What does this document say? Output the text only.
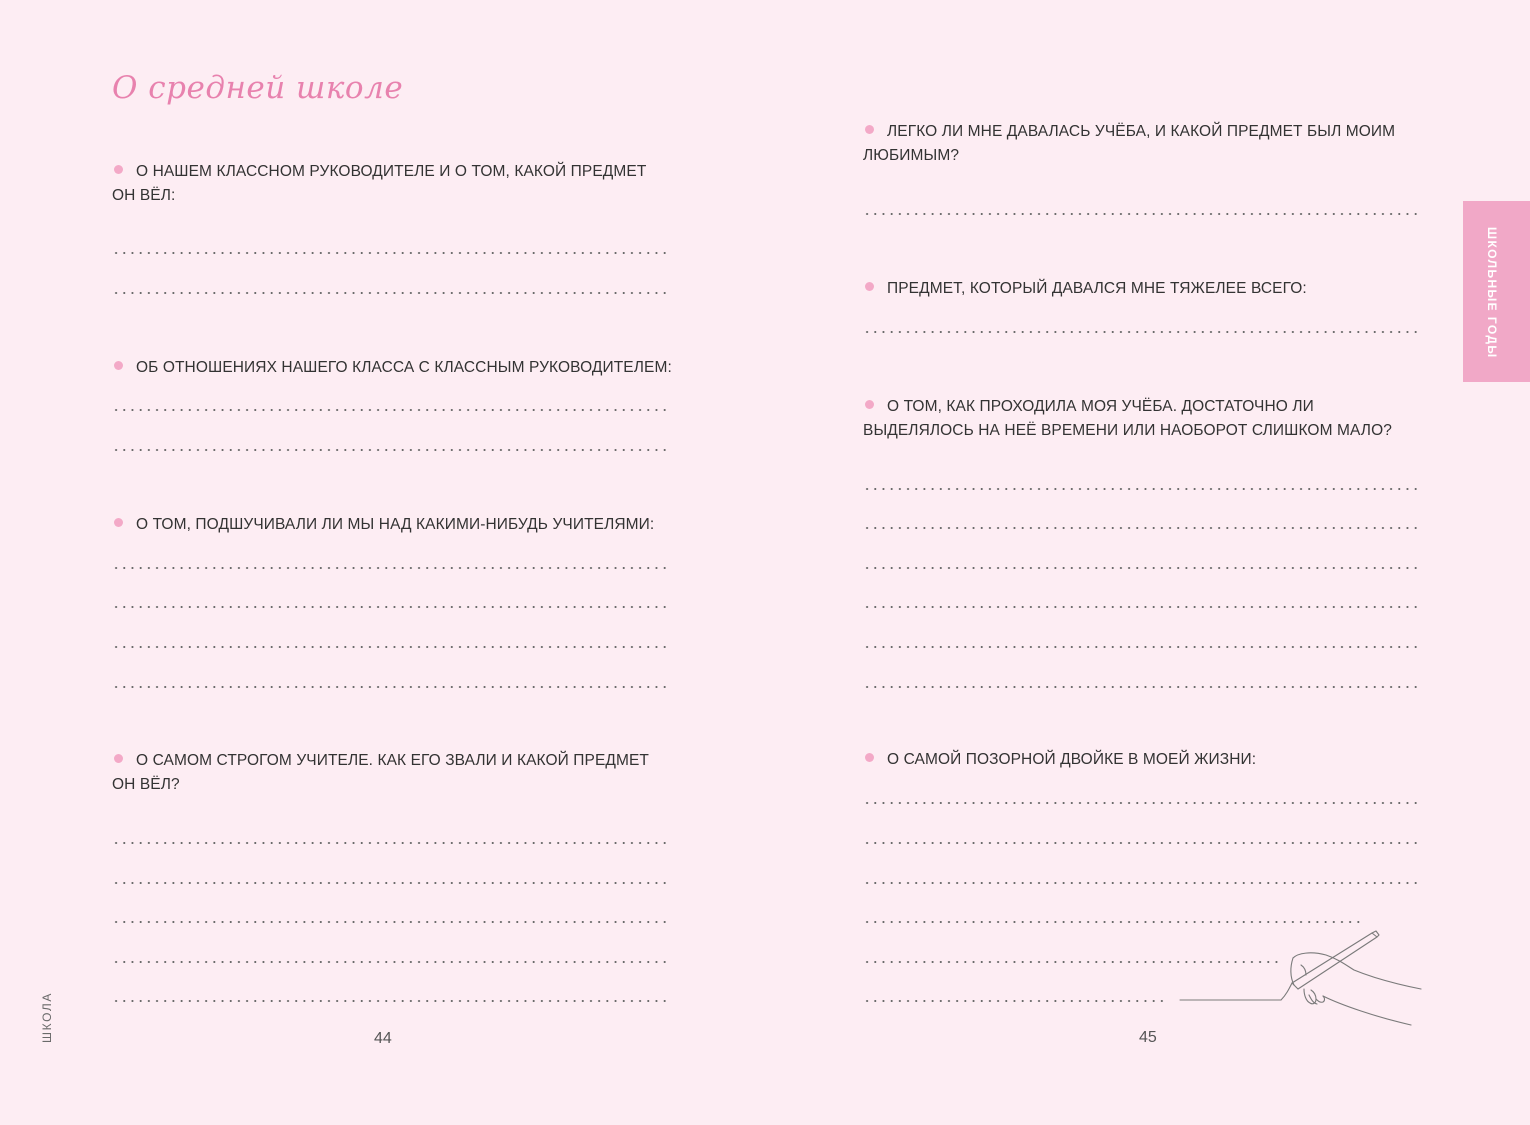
О средней школе

О НАШЕМ КЛАССНОМ РУКОВОДИТЕЛЕ И О ТОМ, КАКОЙ ПРЕДМЕТ ОН ВЁЛ:

ОБ ОТНОШЕНИЯХ НАШЕГО КЛАССА С КЛАССНЫМ РУКОВОДИТЕЛЕМ:

О ТОМ, ПОДШУЧИВАЛИ ЛИ МЫ НАД КАКИМИ-НИБУДЬ УЧИТЕЛЯМИ:

О САМОМ СТРОГОМ УЧИТЕЛЕ. КАК ЕГО ЗВАЛИ И КАКОЙ ПРЕДМЕТ ОН ВЁЛ?

44
ШКОЛА

ЛЕГКО ЛИ МНЕ ДАВАЛАСЬ УЧЁБА, И КАКОЙ ПРЕДМЕТ БЫЛ МОИМ ЛЮБИМЫМ?

ПРЕДМЕТ, КОТОРЫЙ ДАВАЛСЯ МНЕ ТЯЖЕЛЕЕ ВСЕГО:

О ТОМ, КАК ПРОХОДИЛА МОЯ УЧЁБА. ДОСТАТОЧНО ЛИ ВЫДЕЛЯЛОСЬ НА НЕЁ ВРЕМЕНИ ИЛИ НАОБОРОТ СЛИШКОМ МАЛО?

О САМОЙ ПОЗОРНОЙ ДВОЙКЕ В МОЕЙ ЖИЗНИ:

45
ШКОЛЬНЫЕ ГОДЫ
